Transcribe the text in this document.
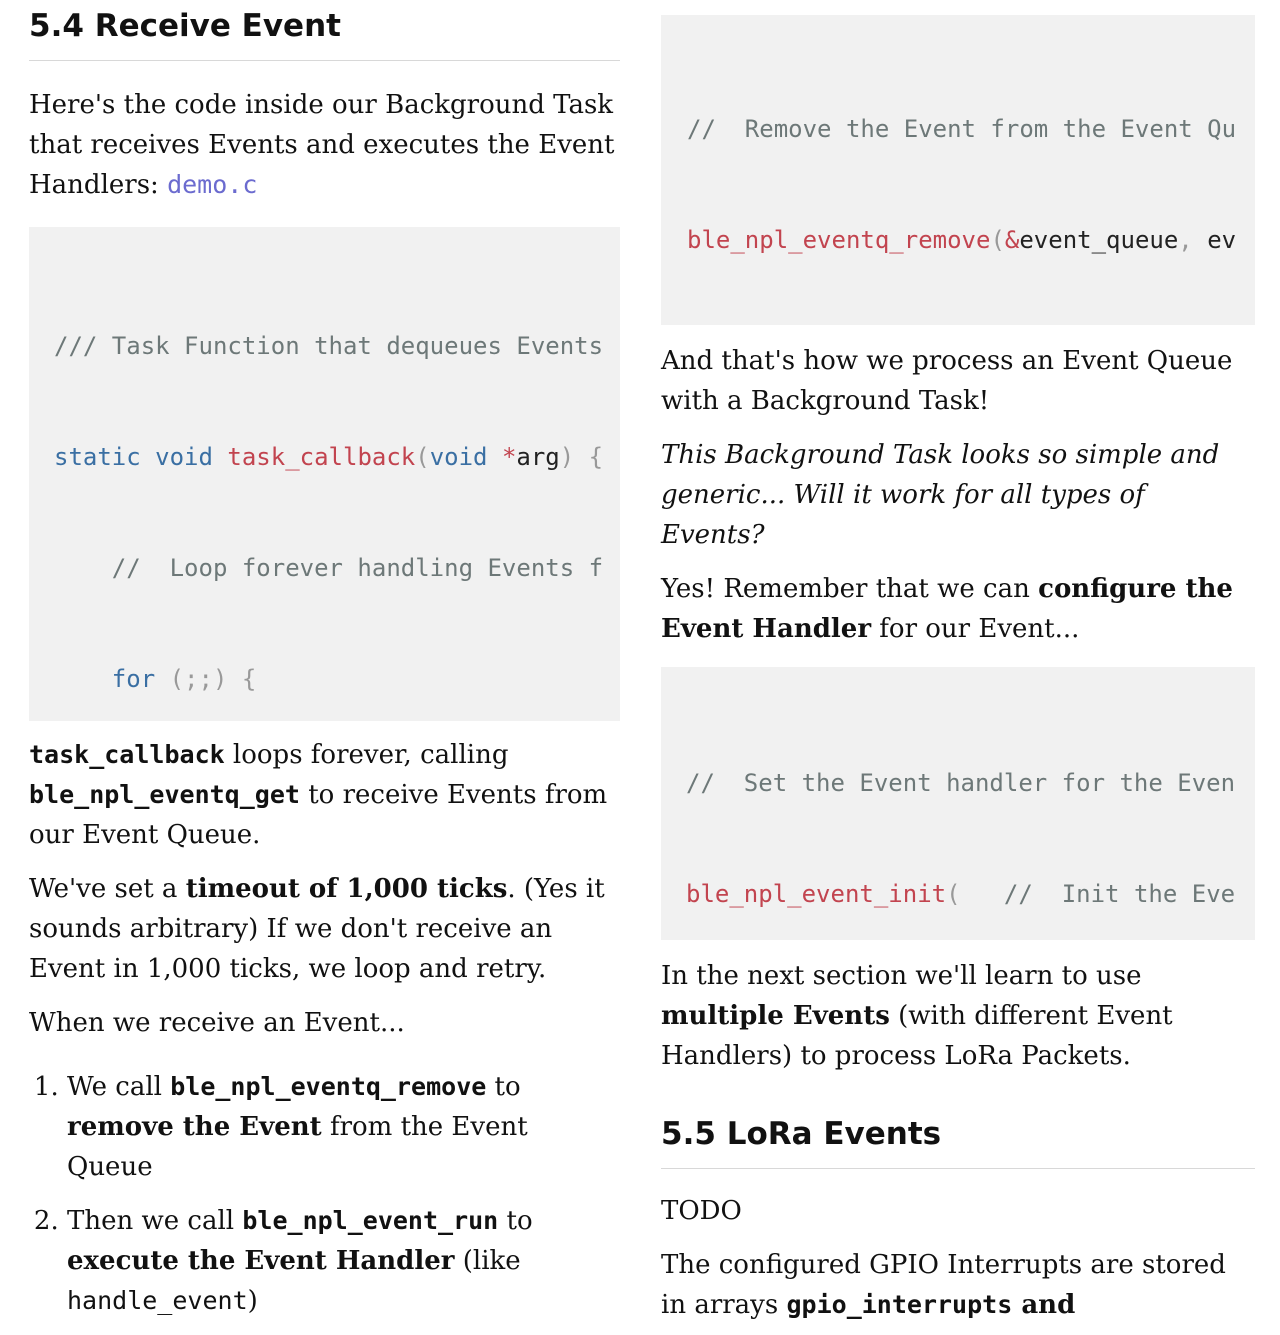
5.4 Receive Event

Here's the code inside our Background Task that receives Events and executes the Event Handlers: demo.c

/// Task Function that dequeues Events

static void task_callback(void *arg) {

//  Loop forever handling Events f

for (;;) {

task_callback loops forever, calling ble_npl_eventq_get to receive Events from our Event Queue.

We've set a timeout of 1,000 ticks. (Yes it sounds arbitrary) If we don't receive an Event in 1,000 ticks, we loop and retry.

When we receive an Event...

1. We call ble_npl_eventq_remove to remove the Event from the Event Queue
2. Then we call ble_npl_event_run to execute the Event Handler (like handle_event)

//  Remove the Event from the Event Qu

ble_npl_eventq_remove(&event_queue, ev

And that's how we process an Event Queue with a Background Task!

This Background Task looks so simple and generic... Will it work for all types of Events?

Yes! Remember that we can configure the Event Handler for our Event...

//  Set the Event handler for the Even

ble_npl_event_init( //  Init the Eve

In the next section we'll learn to use multiple Events (with different Event Handlers) to process LoRa Packets.

5.5 LoRa Events

TODO

The configured GPIO Interrupts are stored in arrays gpio_interrupts and
